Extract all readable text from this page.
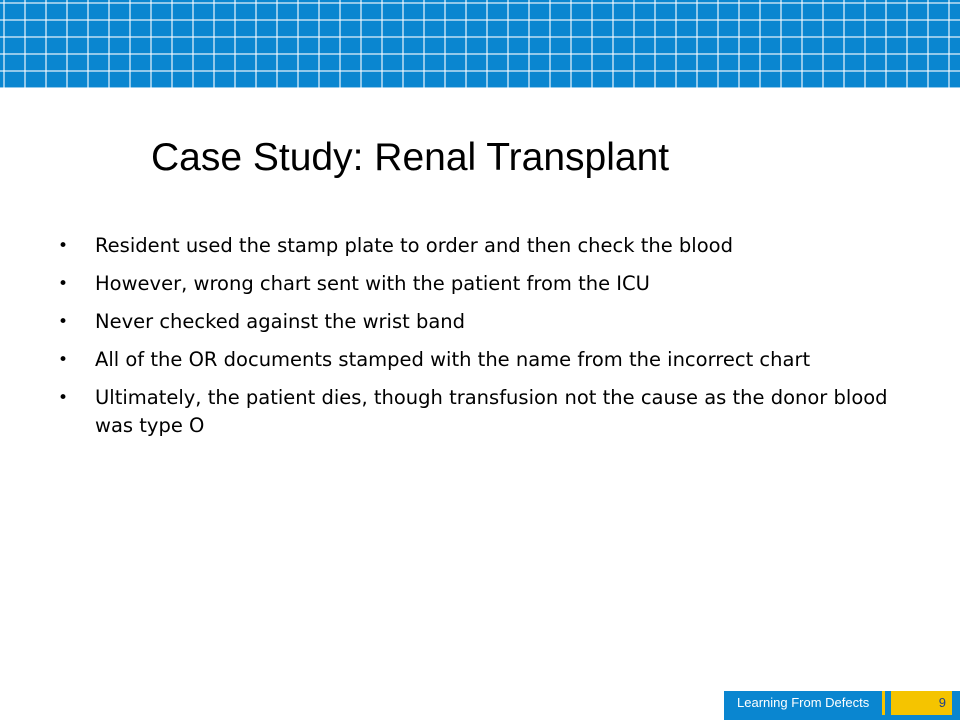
Case Study: Renal Transplant
•	Resident used the stamp plate to order and then check the blood
•	However, wrong chart sent with the patient from the ICU
•	Never checked against the wrist band
•	All of the OR documents stamped with the name from the incorrect chart
•	Ultimately, the patient dies, though transfusion not the cause as the donor blood was type O
Learning From Defects	9
